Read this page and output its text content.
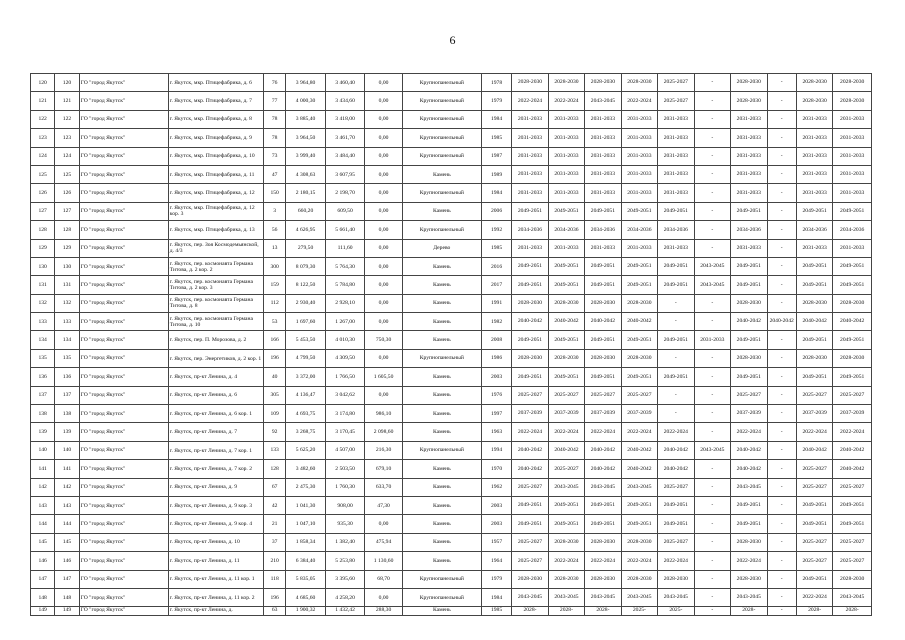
6
120	120	ГО "город Якутск"	г. Якутск, мкр. Птицефабрика, д. 6	76	3 964,80	3 460,40	0,00	Крупнопанельный	1978	2028-2030	2028-2030	2028-2030	2028-2030	2025-2027	-	2028-2030	-	2028-2030	2028-2030
121	121	ГО "город Якутск"	г. Якутск, мкр. Птицефабрика, д. 7	77	4 000,30	3 434,60	0,00	Крупнопанельный	1979	2022-2024	2022-2024	2043-2045	2022-2024	2025-2027	-	2028-2030	-	2028-2030	2028-2030
122	122	ГО "город Якутск"	г. Якутск, мкр. Птицефабрика, д. 8	78	3 885,40	3 418,00	0,00	Крупнопанельный	1984	2031-2033	2031-2033	2031-2033	2031-2033	2031-2033	-	2031-2033	-	2031-2033	2031-2033
123	123	ГО "город Якутск"	г. Якутск, мкр. Птицефабрика, д. 9	78	3 964,50	3 461,70	0,00	Крупнопанельный	1985	2031-2033	2031-2033	2031-2033	2031-2033	2031-2033	-	2031-2033	-	2031-2033	2031-2033
124	124	ГО "город Якутск"	г. Якутск, мкр. Птицефабрика, д. 10	73	3 999,40	3 484,40	0,00	Крупнопанельный	1987	2031-2033	2031-2033	2031-2033	2031-2033	2031-2033	-	2031-2033	-	2031-2033	2031-2033
125	125	ГО "город Якутск"	г. Якутск, мкр. Птицефабрика, д. 11	47	4 308,63	3 607,95	0,00	Камень	1989	2031-2033	2031-2033	2031-2033	2031-2033	2031-2033	-	2031-2033	-	2031-2033	2031-2033
126	126	ГО "город Якутск"	г. Якутск, мкр. Птицефабрика, д. 12	150	2 180,15	2 198,70	0,00	Крупнопанельный	1984	2031-2033	2031-2033	2031-2033	2031-2033	2031-2033	-	2031-2033	-	2031-2033	2031-2033
127	127	ГО "город Якутск"	г. Якутск, мкр. Птицефабрика, д. 12 кор. 3	3	660,20	609,50	0,00	Камень	2006	2049-2051	2049-2051	2049-2051	2049-2051	2049-2051	-	2049-2051	-	2049-2051	2049-2051
128	128	ГО "город Якутск"	г. Якутск, мкр. Птицефабрика, д. 13	56	4 626,95	5 661,40	0,00	Крупнопанельный	1992	2034-2036	2034-2036	2034-2036	2034-2036	2034-2036	-	2034-2036	-	2034-2036	2034-2036
129	129	ГО "город Якутск"	г. Якутск, пер. Зоя Космодемьянской, д. 4/3	13	279,50	111,60	0,00	Дерево	1985	2031-2033	2031-2033	2031-2033	2031-2033	2031-2033	-	2031-2033	-	2031-2033	2031-2033
130	130	ГО "город Якутск"	г. Якутск, пер. космонавта Германа Титова, д. 2 кор. 2	300	8 079,30	5 764,30	0,00	Камень	2016	2049-2051	2049-2051	2049-2051	2049-2051	2049-2051	2043-2045	2049-2051	-	2049-2051	2049-2051
131	131	ГО "город Якутск"	г. Якутск, пер. космонавта Германа Титова, д. 2 кор. 3	159	8 122,50	5 784,80	0,00	Камень	2017	2049-2051	2049-2051	2049-2051	2049-2051	2049-2051	2043-2045	2049-2051	-	2049-2051	2049-2051
132	132	ГО "город Якутск"	г. Якутск, пер. космонавта Германа Титова, д. 8	112	2 930,40	2 928,10	0,00	Камень	1991	2028-2030	2028-2030	2028-2030	2028-2030	-	-	2028-2030	-	2028-2030	2028-2030
133	133	ГО "город Якутск"	г. Якутск, пер. космонавта Германа Титова, д. 10	53	1 697,60	1 267,00	0,00	Камень	1982	2040-2042	2040-2042	2040-2042	2040-2042	-	-	2040-2042	2040-2042	2040-2042	2040-2042
134	134	ГО "город Якутск"	г. Якутск, пер. П. Морозова, д. 2	166	5 453,50	4 010,30	750,30	Камень	2008	2049-2051	2049-2051	2049-2051	2049-2051	2049-2051	2031-2033	2049-2051	-	2049-2051	2049-2051
135	135	ГО "город Якутск"	г. Якутск, пер. Энергетиков, д. 2 кор. 1	196	4 799,50	4 309,50	0,00	Крупнопанельный	1986	2028-2030	2028-2030	2028-2030	2028-2030	-	-	2028-2030	-	2028-2030	2028-2030
136	136	ГО "город Якутск"	г. Якутск, пр-кт Ленина, д. 4	40	3 372,00	1 766,50	1 605,50	Камень	2003	2049-2051	2049-2051	2049-2051	2049-2051	2049-2051	-	2049-2051	-	2049-2051	2049-2051
137	137	ГО "город Якутск"	г. Якутск, пр-кт Ленина, д. 6	305	4 136,47	3 042,62	0,00	Камень	1976	2025-2027	2025-2027	2025-2027	2025-2027	-	-	2025-2027	-	2025-2027	2025-2027
138	138	ГО "город Якутск"	г. Якутск, пр-кт Ленина, д. 6 кор. 1	109	4 693,75	3 174,80	986,10	Камень	1997	2037-2039	2037-2039	2037-2039	2037-2039	-	-	2037-2039	-	2037-2039	2037-2039
139	139	ГО "город Якутск"	г. Якутск, пр-кт Ленина, д. 7	92	3 268,75	3 170,45	2 098,60	Камень	1963	2022-2024	2022-2024	2022-2024	2022-2024	2022-2024	-	2022-2024	-	2022-2024	2022-2024
140	140	ГО "город Якутск"	г. Якутск, пр-кт Ленина, д. 7 кор. 1	133	5 625,20	4 507,00	216,30	Крупнопанельный	1994	2040-2042	2040-2042	2040-2042	2040-2042	2040-2042	2043-2045	2040-2042	-	2040-2042	2040-2042
141	141	ГО "город Якутск"	г. Якутск, пр-кт Ленина, д. 7 кор. 2	128	3 482,60	2 503,50	679,10	Камень	1970	2040-2042	2025-2027	2040-2042	2040-2042	2040-2042	-	2040-2042	-	2025-2027	2040-2042
142	142	ГО "город Якутск"	г. Якутск, пр-кт Ленина, д. 9	67	2 475,30	1 760,30	633,70	Камень	1962	2025-2027	2043-2045	2043-2045	2043-2045	2025-2027	-	2043-2045	-	2025-2027	2025-2027
143	143	ГО "город Якутск"	г. Якутск, пр-кт Ленина, д. 9 кор. 3	42	1 041,30	908,00	47,30	Камень	2003	2049-2051	2049-2051	2049-2051	2049-2051	2049-2051	-	2049-2051	-	2049-2051	2049-2051
144	144	ГО "город Якутск"	г. Якутск, пр-кт Ленина, д. 9 кор. 4	21	1 047,10	935,30	0,00	Камень	2003	2049-2051	2049-2051	2049-2051	2049-2051	2049-2051	-	2049-2051	-	2049-2051	2049-2051
145	145	ГО "город Якутск"	г. Якутск, пр-кт Ленина, д. 10	37	1 858,34	1 382,40	475,94	Камень	1957	2025-2027	2028-2030	2028-2030	2028-2030	2025-2027	-	2028-2030	-	2025-2027	2025-2027
146	146	ГО "город Якутск"	г. Якутск, пр-кт Ленина, д. 11	210	6 384,40	5 253,80	1 130,60	Камень	1964	2025-2027	2022-2024	2022-2024	2022-2024	2022-2024	-	2022-2024	-	2025-2027	2025-2027
147	147	ГО "город Якутск"	г. Якутск, пр-кт Ленина, д. 11 кор. 1	118	5 835,05	3 395,60	68,70	Крупнопанельный	1979	2028-2030	2028-2030	2028-2030	2028-2030	2028-2030	-	2028-2030	-	2049-2051	2028-2030
148	148	ГО "город Якутск"	г. Якутск, пр-кт Ленина, д. 11 кор. 2	196	4 685,60	4 258,20	0,00	Крупнопанельный	1984	2043-2045	2043-2045	2043-2045	2043-2045	2043-2045	-	2043-2045	-	2022-2024	2043-2045
149	149	ГО "город Якутск"	г. Якутск, пр-кт Ленина, д.	63	1 900,32	1 432,42	288,30	Камень	1985	2028-	2028-	2028-	2025-	2025-	-	2028-	-	2028-	2028-
